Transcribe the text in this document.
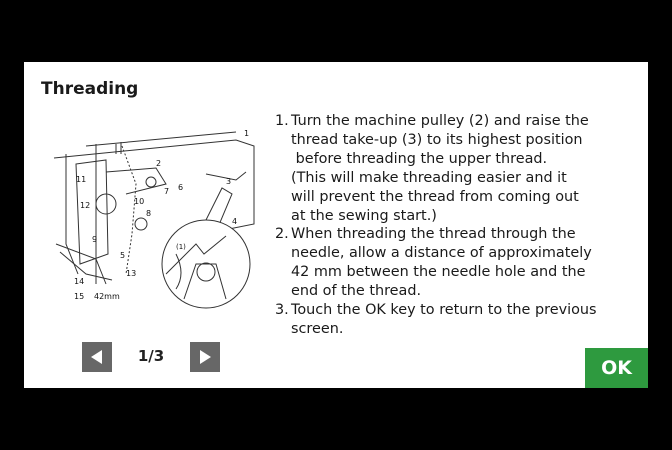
Threading
1
2
7 6
11
12	10
8
9
13
14
15 42mm
(1)
3
4
5
1. Turn the machine pulley (2) and raise the
thread take-up (3) to its highest position
before threading the upper thread.
(This will make threading easier and it
will prevent the thread from coming out
at the sewing start.)
2. When threading the thread through the
needle, allow a distance of approximately
42 mm between the needle hole and the
end of the thread.
3. Touch the OK key to return to the previous
screen.
1/3
OK
